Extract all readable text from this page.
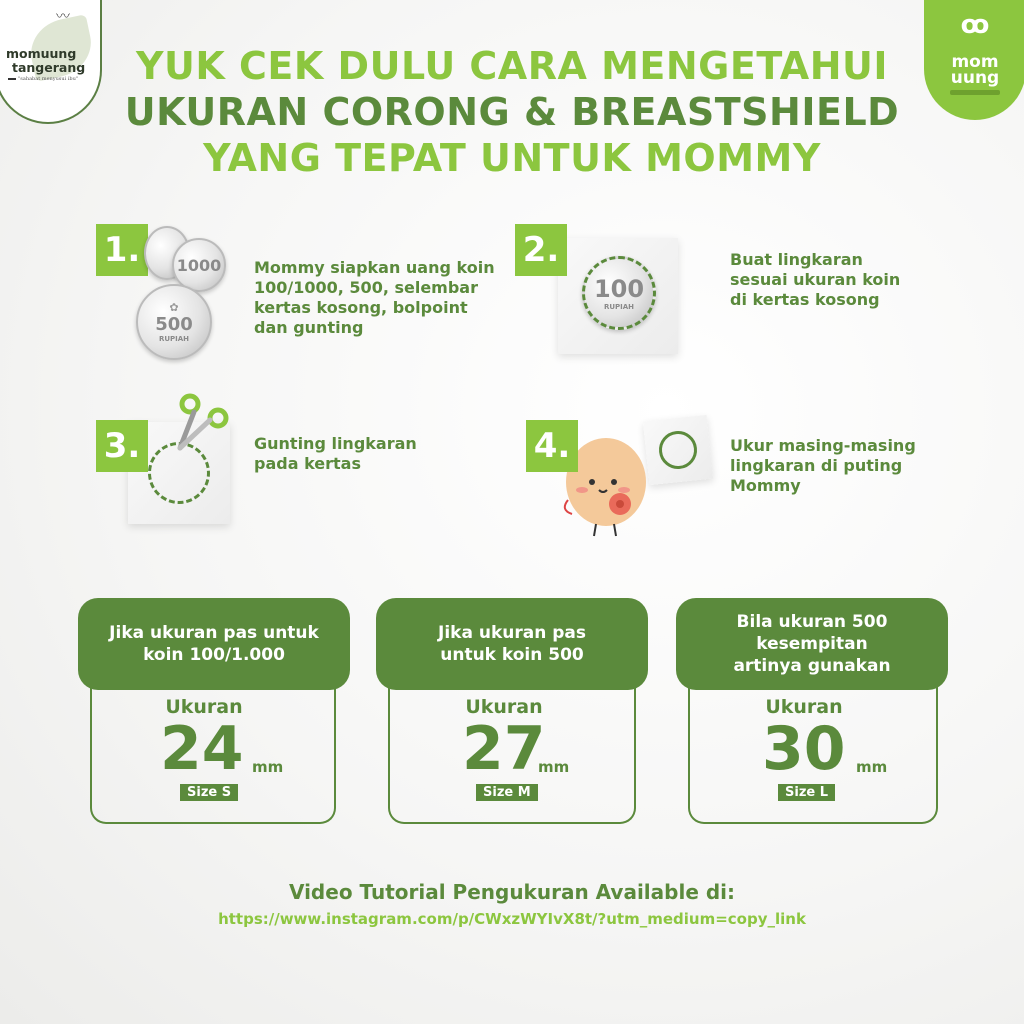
〰
momuung
tangerang
"sahabat menyusui ibu"
ꝏ
mom
uung
YUK CEK DULU CARA MENGETAHUI
UKURAN CORONG & BREASTSHIELD
YANG TEPAT UNTUK MOMMY
1.	1000
✿
500
RUPIAH
Mommy siapkan uang koin
100/1000, 500, selembar
kertas kosong, bolpoint
dan gunting
100
RUPIAH
2.	Buat lingkaran
sesuai ukuran koin
di kertas kosong
3.	Gunting lingkaran
pada kertas	4.	Ukur masing-masing
lingkaran di puting
Mommy
Jika ukuran pas untuk
koin 100/1.000
Ukuran
24 mm
Size S
Jika ukuran pas
untuk koin 500
Ukuran
27
mm
Size M
Bila ukuran 500
kesempitan
artinya gunakan
Ukuran
30 mm
Size L
Video Tutorial Pengukuran Available di:
https://www.instagram.com/p/CWxzWYIvX8t/?utm_medium=copy_link
